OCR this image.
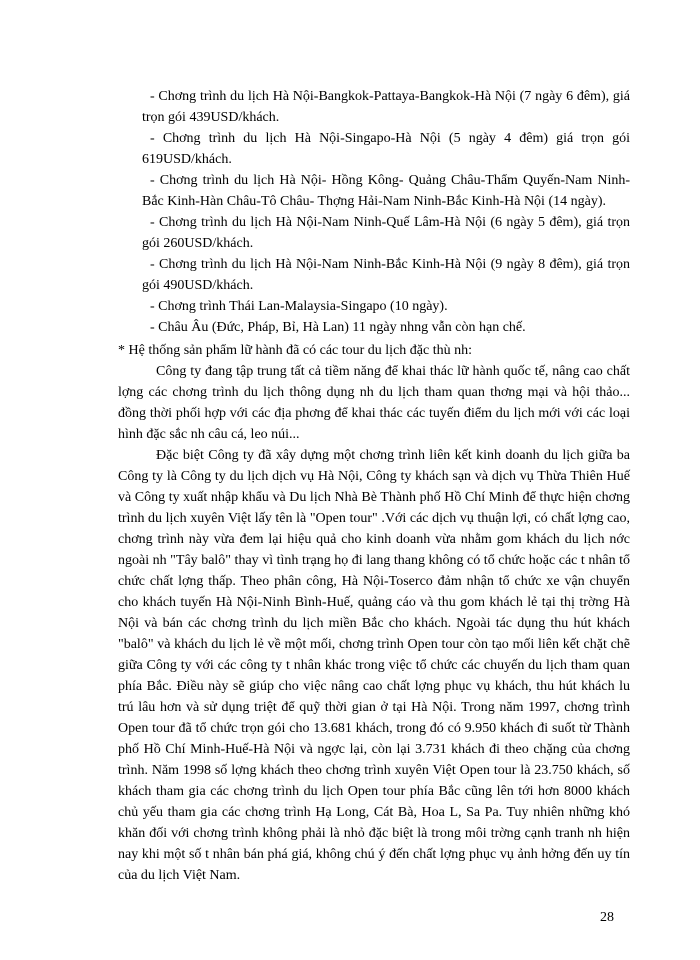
- Chơng trình du lịch Hà Nội-Bangkok-Pattaya-Bangkok-Hà Nội (7 ngày 6 đêm), giá trọn gói 439USD/khách.

- Chơng trình du lịch Hà Nội-Singapo-Hà Nội (5 ngày 4 đêm) giá trọn gói 619USD/khách.

- Chơng trình du lịch Hà Nội- Hồng Kông- Quảng Châu-Thẩm Quyến-Nam Ninh- Bắc Kinh-Hàn Châu-Tô Châu- Thợng Hải-Nam Ninh-Bắc Kinh-Hà Nội (14 ngày).

- Chơng trình du lịch Hà Nội-Nam Ninh-Quế Lâm-Hà Nội (6 ngày 5 đêm), giá trọn gói 260USD/khách.

- Chơng trình du lịch Hà Nội-Nam Ninh-Bắc Kinh-Hà Nội (9 ngày 8 đêm), giá trọn gói 490USD/khách.

- Chơng trình Thái Lan-Malaysia-Singapo (10 ngày).

- Châu Âu (Đức, Pháp, Bỉ, Hà Lan) 11 ngày nhng vẫn còn hạn chế.

* Hệ thống sản phẩm lữ hành đã có các tour du lịch đặc thù nh:

Công ty đang tập trung tất cả tiềm năng để khai thác lữ hành quốc tế, nâng cao chất lợng các chơng trình du lịch thông dụng nh du lịch tham quan thơng mại và hội thảo... đồng thời phối hợp với các địa phơng để khai thác các tuyến điểm du lịch mới với các loại hình đặc sắc nh câu cá, leo núi...

Đặc biệt Công ty đã xây dựng một chơng trình liên kết kinh doanh du lịch giữa ba Công ty là Công ty du lịch dịch vụ Hà Nội, Công ty khách sạn và dịch vụ Thừa Thiên Huế và Công ty xuất nhập khẩu và Du lịch Nhà Bè Thành phố Hồ Chí Minh để thực hiện chơng trình du lịch xuyên Việt lấy tên là "Open tour" .Với các dịch vụ thuận lợi, có chất lợng cao, chơng trình này vừa đem lại hiệu quả cho kinh doanh vừa nhằm gom khách du lịch nớc ngoài nh "Tây balô" thay vì tình trạng họ đi lang thang không có tổ chức hoặc các t nhân tổ chức chất lợng thấp. Theo phân công, Hà Nội-Toserco đảm nhận tổ chức xe vận chuyển cho khách tuyến Hà Nội-Ninh Bình-Huế, quảng cáo và thu gom khách lẻ tại thị trờng Hà Nội và bán các chơng trình du lịch miền Bắc cho khách. Ngoài tác dụng thu hút khách "balô" và khách du lịch lẻ về một mối, chơng trình Open tour còn tạo mối liên kết chặt chẽ giữa Công ty với các công ty t nhân khác trong việc tổ chức các chuyến du lịch tham quan phía Bắc. Điều này sẽ giúp cho việc nâng cao chất lợng phục vụ khách, thu hút khách lu trú lâu hơn và sử dụng triệt để quỹ thời gian ở tại Hà Nội. Trong năm 1997, chơng trình Open tour đã tổ chức trọn gói cho 13.681 khách, trong đó có 9.950 khách đi suốt từ Thành phố Hồ Chí Minh-Huế-Hà Nội và ngợc lại, còn lại 3.731 khách đi theo chặng của chơng trình. Năm 1998 số lợng khách theo chơng trình xuyên Việt Open tour là 23.750 khách, số khách tham gia các chơng trình du lịch Open tour phía Bắc cũng lên tới hơn 8000 khách chủ yếu tham gia các chơng trình Hạ Long, Cát Bà, Hoa L, Sa Pa. Tuy nhiên những khó khăn đối với chơng trình không phải là nhỏ đặc biệt là trong môi trờng cạnh tranh nh hiện nay khi một số t nhân bán phá giá, không chú ý đến chất lợng phục vụ ảnh hởng đến uy tín của du lịch Việt Nam.

28
